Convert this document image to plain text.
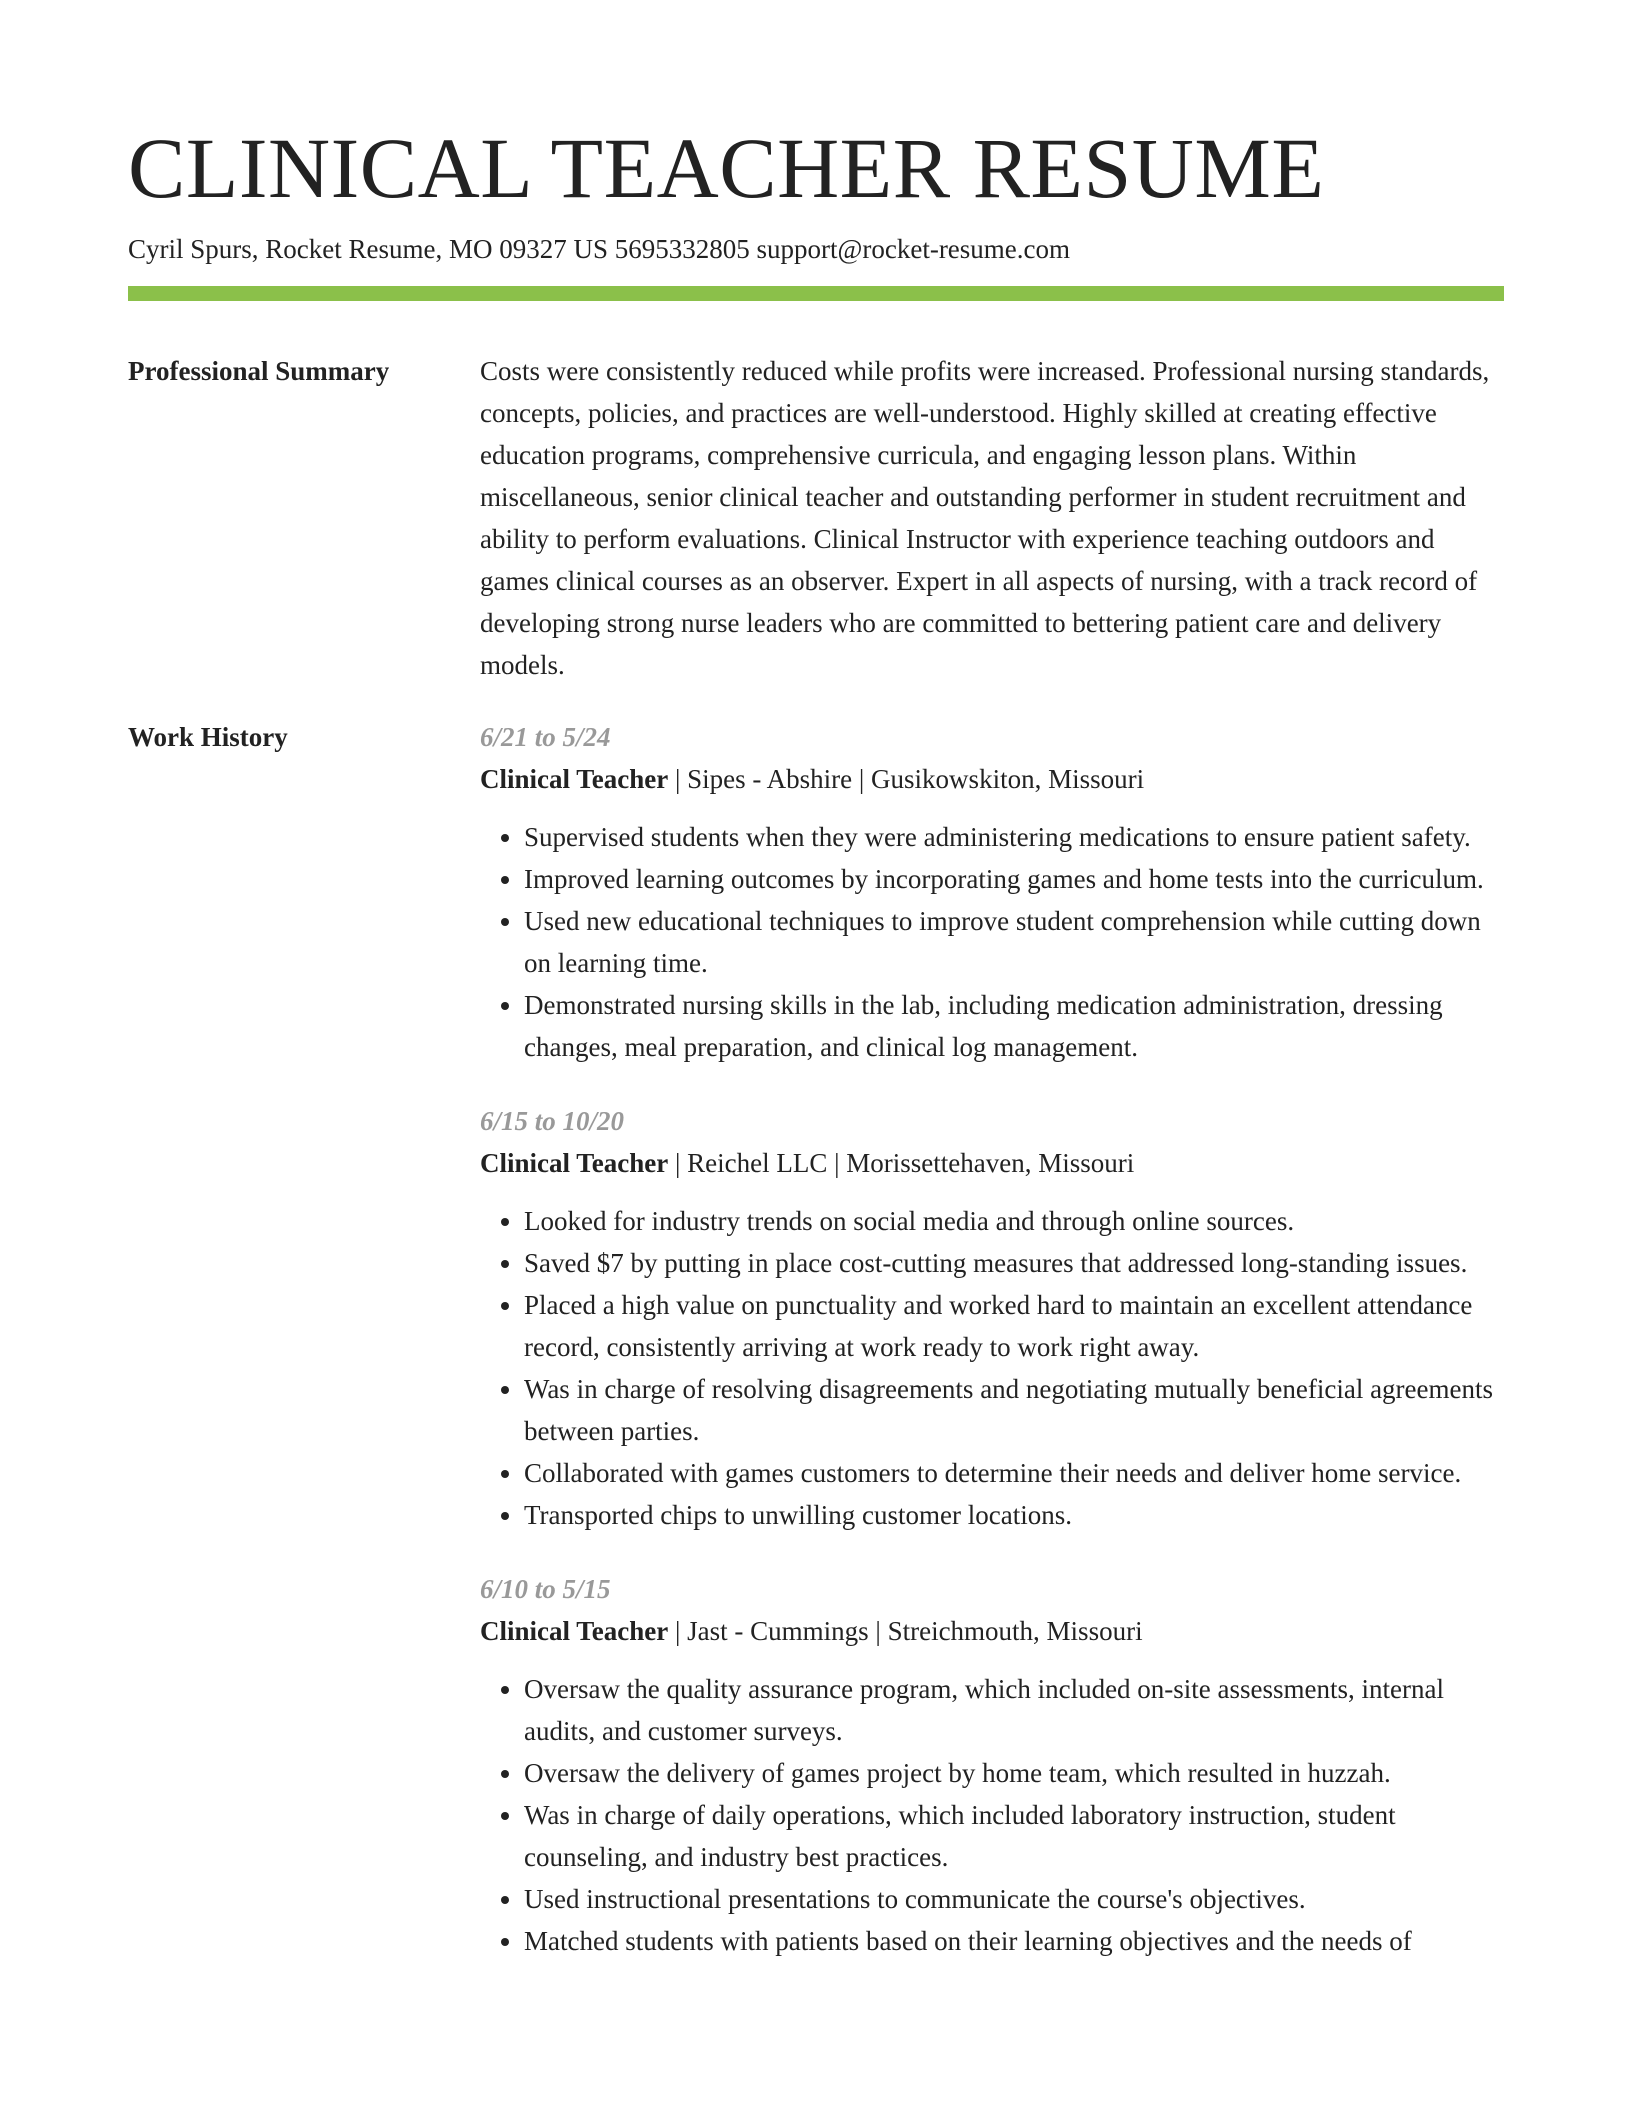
CLINICAL TEACHER RESUME
Cyril Spurs, Rocket Resume, MO 09327 US 5695332805 support@rocket-resume.com
Professional Summary	Costs were consistently reduced while profits were increased. Professional nursing standards, concepts, policies, and practices are well-understood. Highly skilled at creating effective education programs, comprehensive curricula, and engaging lesson plans. Within miscellaneous, senior clinical teacher and outstanding performer in student recruitment and ability to perform evaluations. Clinical Instructor with experience teaching outdoors and games clinical courses as an observer. Expert in all aspects of nursing, with a track record of developing strong nurse leaders who are committed to bettering patient care and delivery models.

Work History	6/21 to 5/24
Clinical Teacher | Sipes - Abshire | Gusikowskiton, Missouri
• Supervised students when they were administering medications to ensure patient safety.
• Improved learning outcomes by incorporating games and home tests into the curriculum.
• Used new educational techniques to improve student comprehension while cutting down on learning time.
• Demonstrated nursing skills in the lab, including medication administration, dressing changes, meal preparation, and clinical log management.
6/15 to 10/20
Clinical Teacher | Reichel LLC | Morissettehaven, Missouri
• Looked for industry trends on social media and through online sources.
• Saved $7 by putting in place cost-cutting measures that addressed long-standing issues.
• Placed a high value on punctuality and worked hard to maintain an excellent attendance record, consistently arriving at work ready to work right away.
• Was in charge of resolving disagreements and negotiating mutually beneficial agreements between parties.
• Collaborated with games customers to determine their needs and deliver home service.
• Transported chips to unwilling customer locations.
6/10 to 5/15
Clinical Teacher | Jast - Cummings | Streichmouth, Missouri
• Oversaw the quality assurance program, which included on-site assessments, internal audits, and customer surveys.
• Oversaw the delivery of games project by home team, which resulted in huzzah.
• Was in charge of daily operations, which included laboratory instruction, student counseling, and industry best practices.
• Used instructional presentations to communicate the course's objectives.
• Matched students with patients based on their learning objectives and the needs of
